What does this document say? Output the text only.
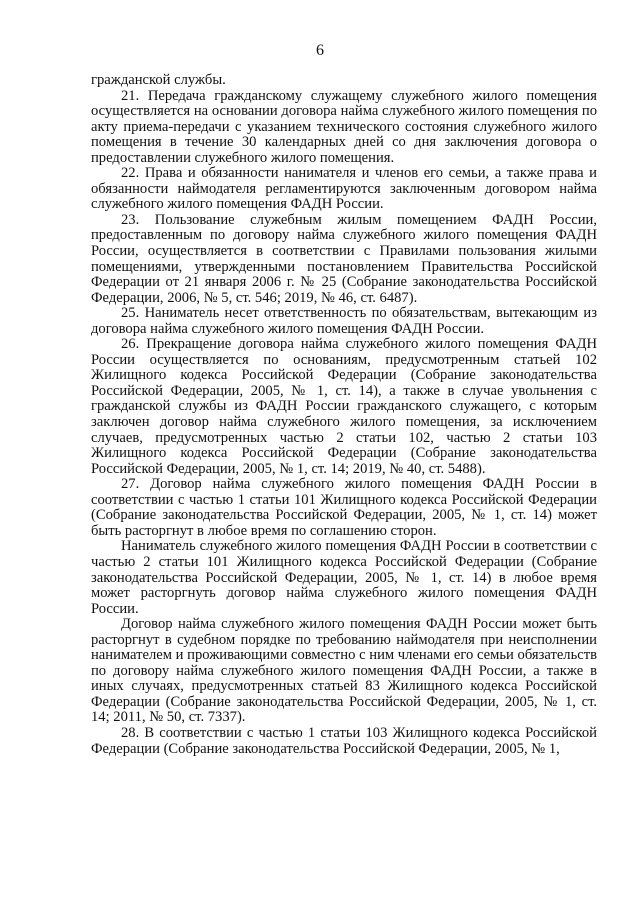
6

гражданской службы.

21. Передача гражданскому служащему служебного жилого помещения осуществляется на основании договора найма служебного жилого помещения по акту приема-передачи с указанием технического состояния служебного жилого помещения в течение 30 календарных дней со дня заключения договора о предоставлении служебного жилого помещения.

22. Права и обязанности нанимателя и членов его семьи, а также права и обязанности наймодателя регламентируются заключенным договором найма служебного жилого помещения ФАДН России.

23. Пользование служебным жилым помещением ФАДН России, предоставленным по договору найма служебного жилого помещения ФАДН России, осуществляется в соответствии с Правилами пользования жилыми помещениями, утвержденными постановлением Правительства Российской Федерации от 21 января 2006 г. № 25 (Собрание законодательства Российской Федерации, 2006, № 5, ст. 546; 2019, № 46, ст. 6487).

25. Наниматель несет ответственность по обязательствам, вытекающим из договора найма служебного жилого помещения ФАДН России.

26. Прекращение договора найма служебного жилого помещения ФАДН России осуществляется по основаниям, предусмотренным статьей 102 Жилищного кодекса Российской Федерации (Собрание законодательства Российской Федерации, 2005, № 1, ст. 14), а также в случае увольнения с гражданской службы из ФАДН России гражданского служащего, с которым заключен договор найма служебного жилого помещения, за исключением случаев, предусмотренных частью 2 статьи 102, частью 2 статьи 103 Жилищного кодекса Российской Федерации (Собрание законодательства Российской Федерации, 2005, № 1, ст. 14; 2019, № 40, ст. 5488).

27. Договор найма служебного жилого помещения ФАДН России в соответствии с частью 1 статьи 101 Жилищного кодекса Российской Федерации (Собрание законодательства Российской Федерации, 2005, № 1, ст. 14) может быть расторгнут в любое время по соглашению сторон.

Наниматель служебного жилого помещения ФАДН России в соответствии с частью 2 статьи 101 Жилищного кодекса Российской Федерации (Собрание законодательства Российской Федерации, 2005, № 1, ст. 14) в любое время может расторгнуть договор найма служебного жилого помещения ФАДН России.

Договор найма служебного жилого помещения ФАДН России может быть расторгнут в судебном порядке по требованию наймодателя при неисполнении нанимателем и проживающими совместно с ним членами его семьи обязательств по договору найма служебного жилого помещения ФАДН России, а также в иных случаях, предусмотренных статьей 83 Жилищного кодекса Российской Федерации (Собрание законодательства Российской Федерации, 2005, № 1, ст. 14; 2011, № 50, ст. 7337).

28. В соответствии с частью 1 статьи 103 Жилищного кодекса Российской Федерации (Собрание законодательства Российской Федерации, 2005, № 1,
